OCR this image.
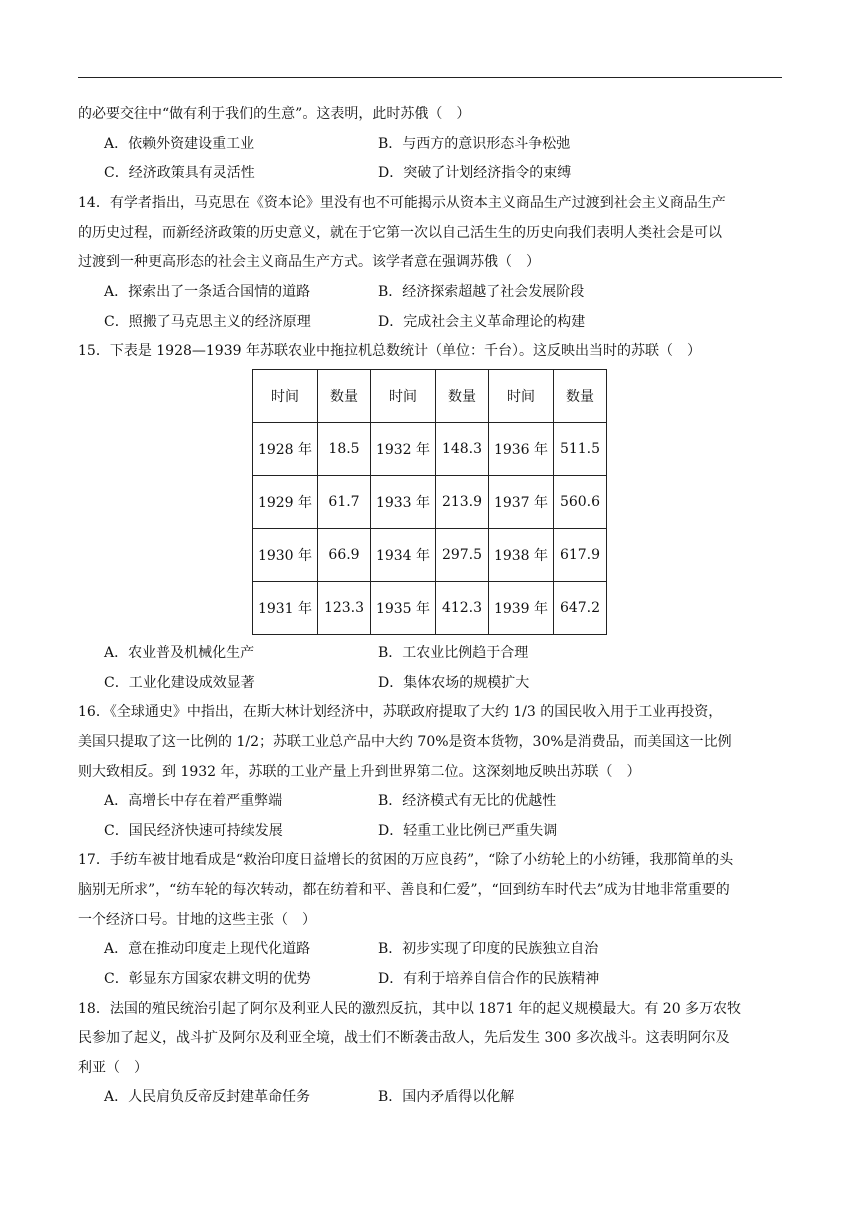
的必要交往中“做有利于我们的生意”。这表明，此时苏俄（　）
A．依赖外资建设重工业	B．与西方的意识形态斗争松弛
C．经济政策具有灵活性	D．突破了计划经济指令的束缚
14．有学者指出，马克思在《资本论》里没有也不可能揭示从资本主义商品生产过渡到社会主义商品生产
的历史过程，而新经济政策的历史意义，就在于它第一次以自己活生生的历史向我们表明人类社会是可以
过渡到一种更高形态的社会主义商品生产方式。该学者意在强调苏俄（　）
A．探索出了一条适合国情的道路	B．经济探索超越了社会发展阶段
C．照搬了马克思主义的经济原理	D．完成社会主义革命理论的构建
15．下表是 1928—1939 年苏联农业中拖拉机总数统计（单位：千台）。这反映出当时的苏联（　）
时间	数量	时间	数量	时间	数量
1928 年	18.5	1932 年	148.3	1936 年	511.5
1929 年	61.7	1933 年	213.9	1937 年	560.6
1930 年	66.9	1934 年	297.5	1938 年	617.9
1931 年	123.3	1935 年	412.3	1939 年	647.2
A．农业普及机械化生产	B．工农业比例趋于合理
C．工业化建设成效显著	D．集体农场的规模扩大
16．《全球通史》中指出，在斯大林计划经济中，苏联政府提取了大约 1/3 的国民收入用于工业再投资，
美国只提取了这一比例的 1/2；苏联工业总产品中大约 70%是资本货物，30%是消费品，而美国这一比例
则大致相反。到 1932 年，苏联的工业产量上升到世界第二位。这深刻地反映出苏联（　）
A．高增长中存在着严重弊端	B．经济模式有无比的优越性
C．国民经济快速可持续发展	D．轻重工业比例已严重失调
17．手纺车被甘地看成是“救治印度日益增长的贫困的万应良药”，“除了小纺轮上的小纺锤，我那简单的头
脑别无所求”，“纺车轮的每次转动，都在纺着和平、善良和仁爱”，“回到纺车时代去”成为甘地非常重要的
一个经济口号。甘地的这些主张（　）
A．意在推动印度走上现代化道路	B．初步实现了印度的民族独立自治
C．彰显东方国家农耕文明的优势	D．有利于培养自信合作的民族精神
18．法国的殖民统治引起了阿尔及利亚人民的激烈反抗，其中以 1871 年的起义规模最大。有 20 多万农牧
民参加了起义，战斗扩及阿尔及利亚全境，战士们不断袭击敌人，先后发生 300 多次战斗。这表明阿尔及
利亚（　）
A．人民肩负反帝反封建革命任务	B．国内矛盾得以化解
